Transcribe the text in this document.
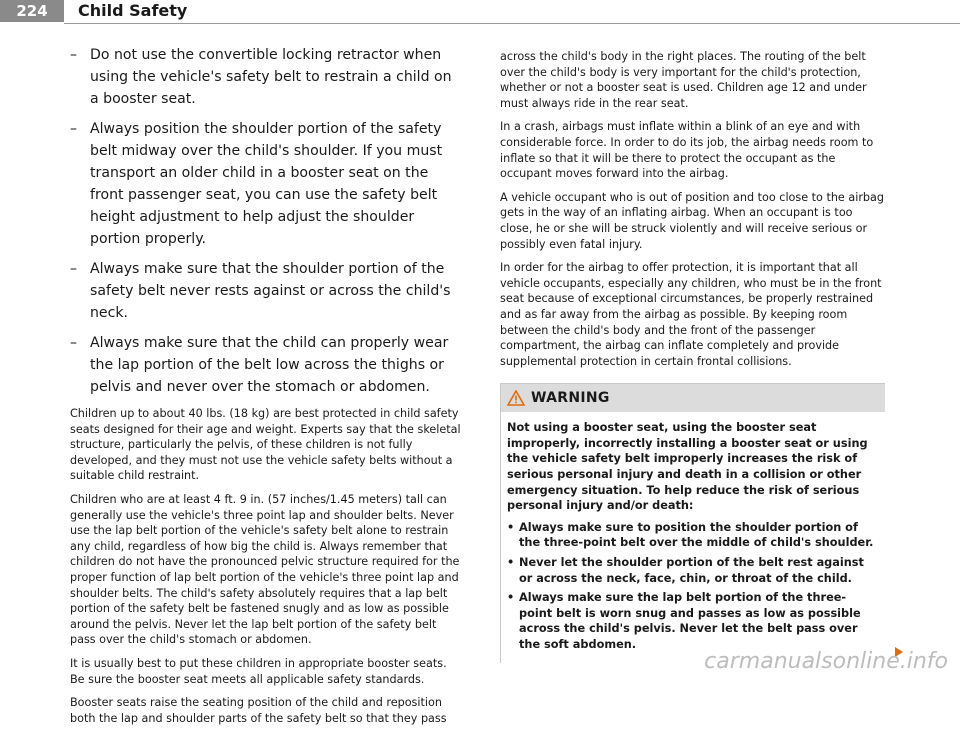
224	Child Safety
– Do not use the convertible locking retractor when using the vehicle's safety belt to restrain a child on a booster seat.
– Always position the shoulder portion of the safety belt midway over the child's shoulder. If you must transport an older child in a booster seat on the front passenger seat, you can use the safety belt height adjustment to help adjust the shoulder portion properly.
– Always make sure that the shoulder portion of the safety belt never rests against or across the child's neck.
– Always make sure that the child can properly wear the lap portion of the belt low across the thighs or pelvis and never over the stomach or abdomen.

Children up to about 40 lbs. (18 kg) are best protected in child safety seats designed for their age and weight. Experts say that the skeletal structure, particularly the pelvis, of these children is not fully developed, and they must not use the vehicle safety belts without a suitable child restraint.

Children who are at least 4 ft. 9 in. (57 inches/1.45 meters) tall can generally use the vehicle's three point lap and shoulder belts. Never use the lap belt portion of the vehicle's safety belt alone to restrain any child, regardless of how big the child is. Always remember that children do not have the pronounced pelvic structure required for the proper function of lap belt portion of the vehicle's three point lap and shoulder belts. The child's safety absolutely requires that a lap belt portion of the safety belt be fastened snugly and as low as possible around the pelvis. Never let the lap belt portion of the safety belt pass over the child's stomach or abdomen.

It is usually best to put these children in appropriate booster seats. Be sure the booster seat meets all applicable safety standards.

Booster seats raise the seating position of the child and reposition both the lap and shoulder parts of the safety belt so that they pass

across the child's body in the right places. The routing of the belt over the child's body is very important for the child's protection, whether or not a booster seat is used. Children age 12 and under must always ride in the rear seat.

In a crash, airbags must inflate within a blink of an eye and with considerable force. In order to do its job, the airbag needs room to inflate so that it will be there to protect the occupant as the occupant moves forward into the airbag.

A vehicle occupant who is out of position and too close to the airbag gets in the way of an inflating airbag. When an occupant is too close, he or she will be struck violently and will receive serious or possibly even fatal injury.

In order for the airbag to offer protection, it is important that all vehicle occupants, especially any children, who must be in the front seat because of exceptional circumstances, be properly restrained and as far away from the airbag as possible. By keeping room between the child's body and the front of the passenger compartment, the airbag can inflate completely and provide supplemental protection in certain frontal collisions.

WARNING

Not using a booster seat, using the booster seat improperly, incorrectly installing a booster seat or using the vehicle safety belt improperly increases the risk of serious personal injury and death in a collision or other emergency situation. To help reduce the risk of serious personal injury and/or death:

• Always make sure to position the shoulder portion of the three-point belt over the middle of child's shoulder.
• Never let the shoulder portion of the belt rest against or across the neck, face, chin, or throat of the child.
• Always make sure the lap belt portion of the three-point belt is worn snug and passes as low as possible across the child's pelvis. Never let the belt pass over the soft abdomen.
carmanualsonline.info
